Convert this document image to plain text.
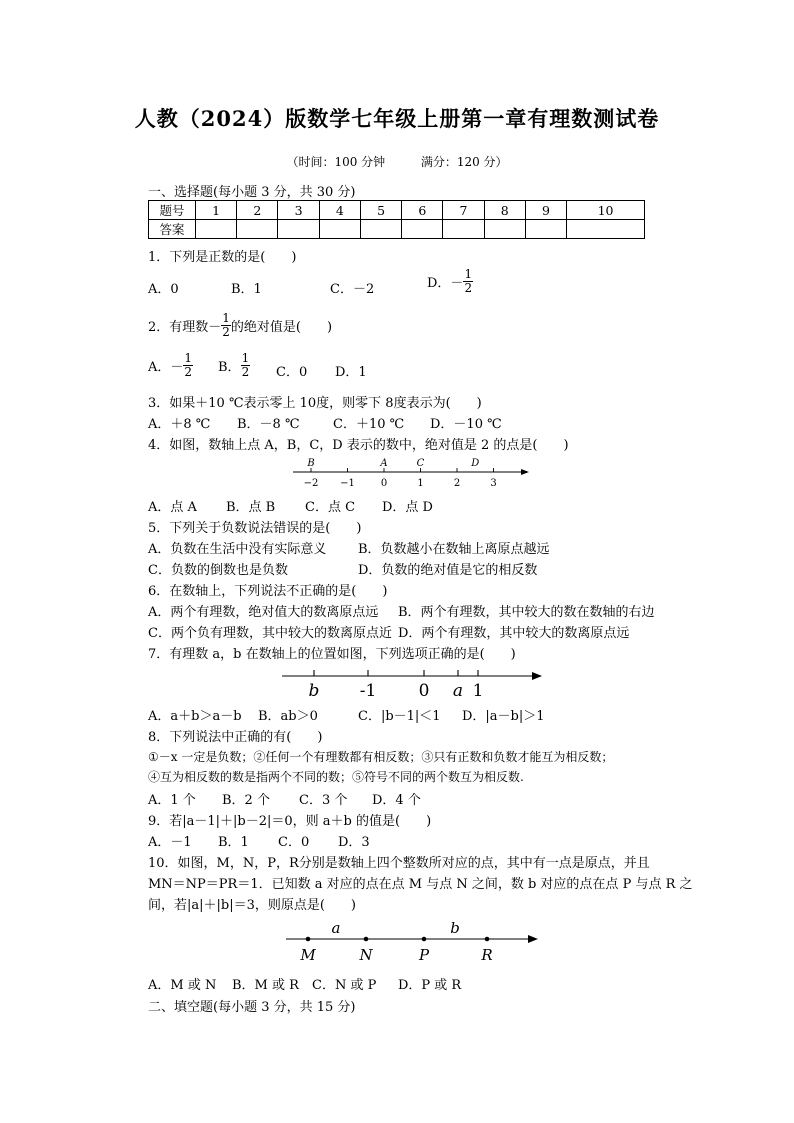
人教（2024）版数学七年级上册第一章有理数测试卷
（时间：100 分钟	满分：120 分）
一、选择题(每小题 3 分，共 30 分)
题号	1	2	3	4	5	6	7	8	9	10
答案										
1．下列是正数的是(　　)
A．0	B．1	C．－2	D．－ $\frac{1}{2}$
2．有理数－ $\frac{1}{2}$ 的绝对值是(　　)
A．－ $\frac{1}{2}$ B． $\frac{1}{2}$ C．0 D．1
3．如果＋10 ℃表示零上 10度，则零下 8度表示为(　　)
A．＋8 ℃ B．－8 ℃	C．＋10 ℃ D．－10 ℃
4．如图，数轴上点 A，B，C，D 表示的数中，绝对值是 2 的点是(　　)
−2 −1	0	1	2	3
B	A	C	D
A．点 A B．点 B C．点 C D．点 D
5．下列关于负数说法错误的是(　　)
A．负数在生活中没有实际意义 B．负数越小在数轴上离原点越远
C．负数的倒数也是负数	D．负数的绝对值是它的相反数
6．在数轴上，下列说法不正确的是(　　)
A．两个有理数，绝对值大的数离原点远 B．两个有理数，其中较大的数在数轴的右边
C．两个负有理数，其中较大的数离原点近 D．两个有理数，其中较大的数离原点远
7．有理数 a，b 在数轴上的位置如图，下列选项正确的是(　　)
b -1 0 a 1
A．a＋b＞a－b B．ab＞0	C．|b－1|＜1 D．|a－b|＞1
8．下列说法中正确的有(　　)
①－x 一定是负数；②任何一个有理数都有相反数；③只有正数和负数才能互为相反数；
④互为相反数的数是指两个不同的数；⑤符号不同的两个数互为相反数.
A．1 个 B．2 个 C．3 个 D．4 个
9．若|a－1|＋|b－2|＝0，则 a＋b 的值是(　　)
A．－1 B．1 C．0 D．3
10．如图，M，N，P，R分别是数轴上四个整数所对应的点，其中有一点是原点，并且
MN＝NP＝PR＝1．已知数 a 对应的点在点 M 与点 N 之间，数 b 对应的点在点 P 与点 R 之
间，若|a|＋|b|＝3，则原点是(　　)
a	b
M	N	P	R
A．M 或 N B．M 或 R C．N 或 P D．P 或 R
二、填空题(每小题 3 分，共 15 分)
